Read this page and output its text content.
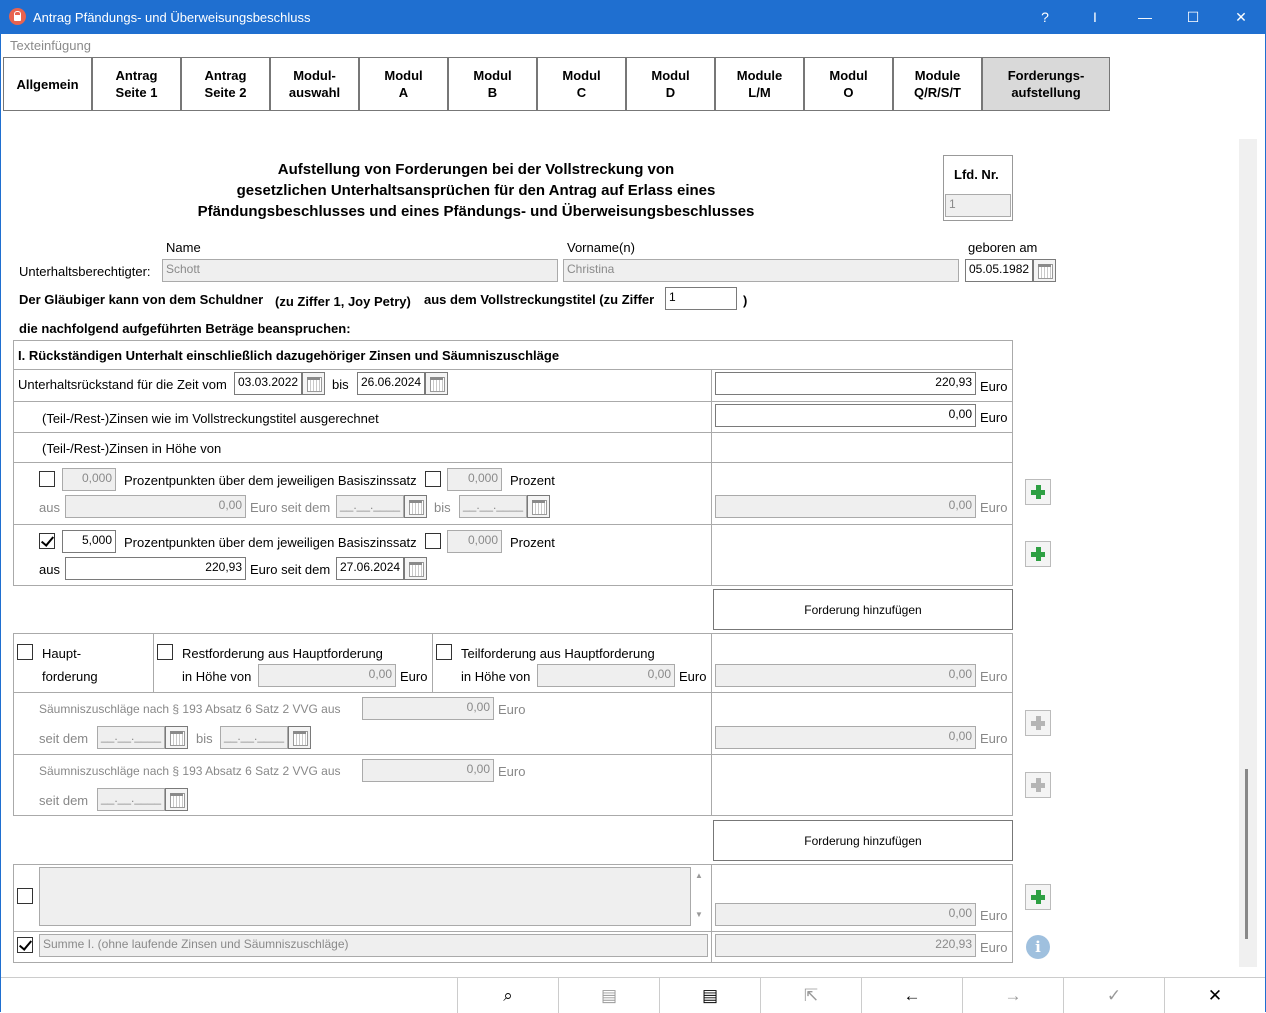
Antrag Pfändungs- und Überweisungsbeschluss	?	I	—	☐	✕
Texteinfügung
Allgemein
Antrag
Seite 1
Antrag
Seite 2
Modul-
auswahl
Modul
A
Modul
B
Modul
C
Modul
D
Module
L/M
Modul
O
Module
Q/R/S/T
Forderungs-
aufstellung
Aufstellung von Forderungen bei der Vollstreckung von
gesetzlichen Unterhaltsansprüchen für den Antrag auf Erlass eines
Pfändungsbeschlusses und eines Pfändungs- und Überweisungsbeschlusses
Lfd. Nr.
1
Name	Vorname(n)	geboren am
Unterhaltsberechtigter:	Schott	Christina	05.05.1982
Der Gläubiger kann von dem Schuldner (zu Ziffer 1, Joy Petry) aus dem Vollstreckungstitel (zu Ziffer	1	)
die nachfolgend aufgeführten Beträge beanspruchen:
I. Rückständigen Unterhalt einschließlich dazugehöriger Zinsen und Säumniszuschläge
Unterhaltsrückstand für die Zeit vom 03.03.2022	bis	26.06.2024	220,93 Euro
(Teil-/Rest-)Zinsen wie im Vollstreckungstitel ausgerechnet	0,00 Euro
(Teil-/Rest-)Zinsen in Höhe von
0,000 Prozentpunkten über dem jeweiligen Basiszinssatz	0,000 Prozent
aus	0,00 Euro seit dem __.__.____	bis	__.__.____	0,00 Euro
5,000 Prozentpunkten über dem jeweiligen Basiszinssatz	0,000 Prozent
aus	220,93 Euro seit dem 27.06.2024
Forderung hinzufügen
Haupt-
forderung
Restforderung aus Hauptforderung
in Höhe von	0,00 Euro
Teilforderung aus Hauptforderung
in Höhe von	0,00 Euro	0,00 Euro
Säumniszuschläge nach § 193 Absatz 6 Satz 2 VVG aus	0,00 Euro
seit dem	__.__.____	bis __.__.____	0,00 Euro
Säumniszuschläge nach § 193 Absatz 6 Satz 2 VVG aus	0,00 Euro
seit dem	__.__.____
Forderung hinzufügen
▲
▼	0,00 Euro
Summe I. (ohne laufende Zinsen und Säumniszuschläge)	220,93 Euro	i
⌕	▤	▤	⇱	←	→	✓	✕
